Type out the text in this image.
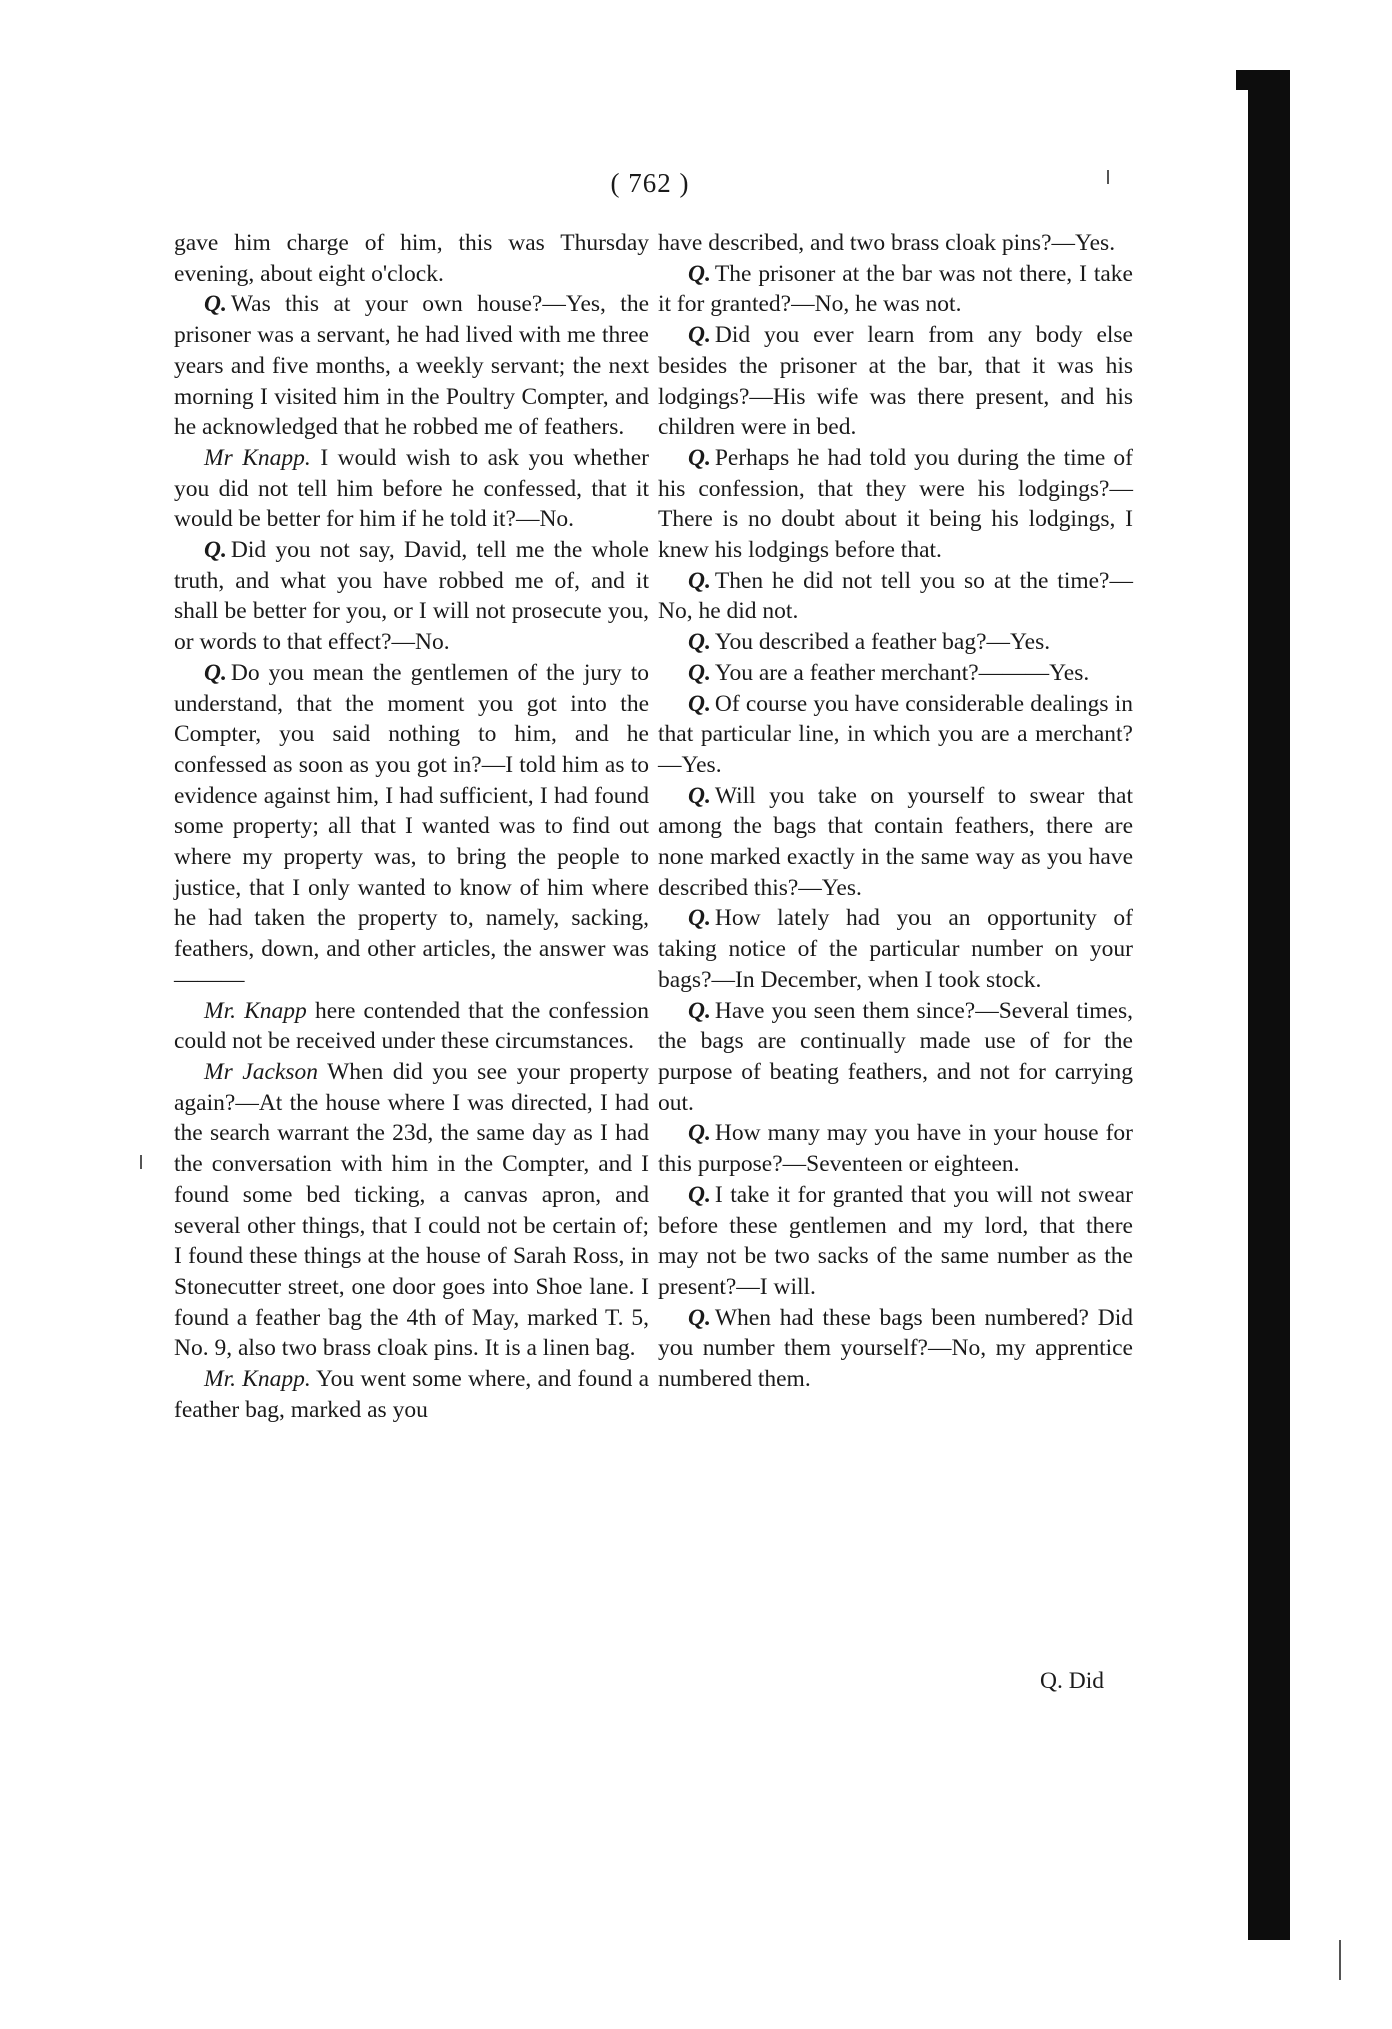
( 762 )

gave him charge of him, this was Thursday evening, about eight o'clock.

Q. Was this at your own house?—Yes, the prisoner was a servant, he had lived with me three years and five months, a weekly servant; the next morning I visited him in the Poultry Compter, and he acknowledged that he robbed me of feathers.

Mr Knapp. I would wish to ask you whether you did not tell him before he confessed, that it would be better for him if he told it?—No.

Q. Did you not say, David, tell me the whole truth, and what you have robbed me of, and it shall be better for you, or I will not prosecute you, or words to that effect?—No.

Q. Do you mean the gentlemen of the jury to understand, that the moment you got into the Compter, you said nothing to him, and he confessed as soon as you got in?—I told him as to evidence against him, I had sufficient, I had found some property; all that I wanted was to find out where my property was, to bring the people to justice, that I only wanted to know of him where he had taken the property to, namely, sacking, feathers, down, and other articles, the answer was———

Mr. Knapp here contended that the confession could not be received under these circumstances.

Mr Jackson When did you see your property again?—At the house where I was directed, I had the search warrant the 23d, the same day as I had the conversation with him in the Compter, and I found some bed ticking, a canvas apron, and several other things, that I could not be certain of; I found these things at the house of Sarah Ross, in Stonecutter street, one door goes into Shoe lane. I found a feather bag the 4th of May, marked T. 5, No. 9, also two brass cloak pins. It is a linen bag.

Mr. Knapp. You went some where, and found a feather bag, marked as you

have described, and two brass cloak pins?—Yes.

Q. The prisoner at the bar was not there, I take it for granted?—No, he was not.

Q. Did you ever learn from any body else besides the prisoner at the bar, that it was his lodgings?—His wife was there present, and his children were in bed.

Q. Perhaps he had told you during the time of his confession, that they were his lodgings?—There is no doubt about it being his lodgings, I knew his lodgings before that.

Q. Then he did not tell you so at the time?—No, he did not.

Q. You described a feather bag?—Yes.

Q. You are a feather merchant?———Yes.

Q. Of course you have considerable dealings in that particular line, in which you are a merchant?—Yes.

Q. Will you take on yourself to swear that among the bags that contain feathers, there are none marked exactly in the same way as you have described this?—Yes.

Q. How lately had you an opportunity of taking notice of the particular number on your bags?—In December, when I took stock.

Q. Have you seen them since?—Several times, the bags are continually made use of for the purpose of beating feathers, and not for carrying out.

Q. How many may you have in your house for this purpose?—Seventeen or eighteen.

Q. I take it for granted that you will not swear before these gentlemen and my lord, that there may not be two sacks of the same number as the present?—I will.

Q. When had these bags been numbered? Did you number them yourself?—No, my apprentice numbered them.

Q. Did
